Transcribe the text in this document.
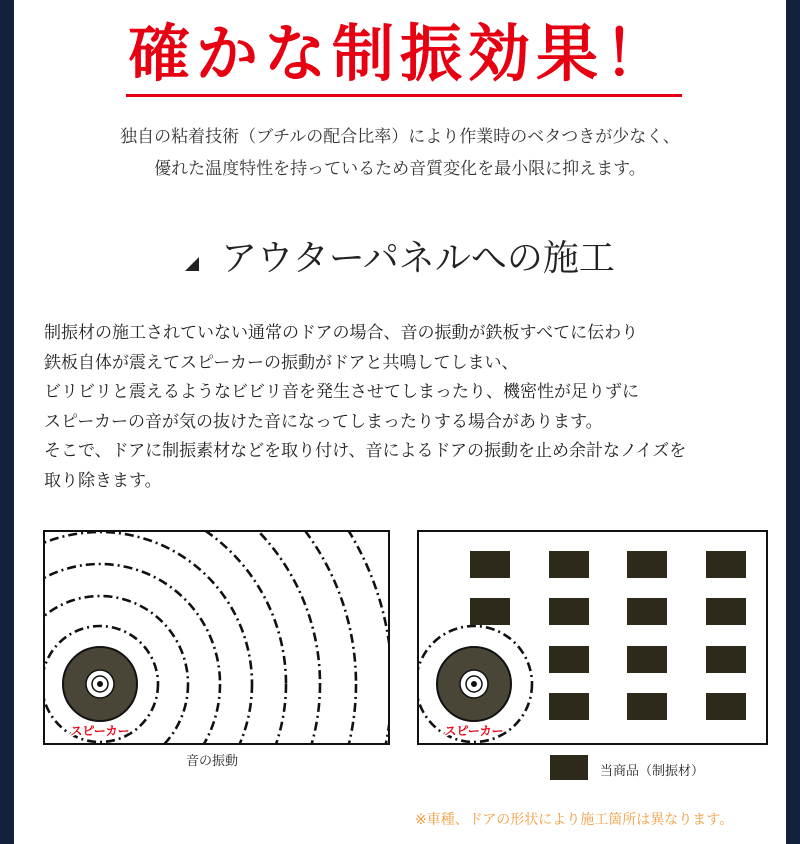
確かな制振効果！
独自の粘着技術（ブチルの配合比率）により作業時のベタつきが少なく、
優れた温度特性を持っているため音質変化を最小限に抑えます。
アウターパネルへの施工

制振材の施工されていない通常のドアの場合、音の振動が鉄板すべてに伝わり

鉄板自体が震えてスピーカーの振動がドアと共鳴してしまい、

ビリビリと震えるようなビビリ音を発生させてしまったり、機密性が足りずに

スピーカーの音が気の抜けた音になってしまったりする場合があります。

そこで、ドアに制振素材などを取り付け、音によるドアの振動を止め余計なノイズを

取り除きます。

スピーカー	スピーカー
音の振動
当商品（制振材）
※車種、ドアの形状により施工箇所は異なります。
